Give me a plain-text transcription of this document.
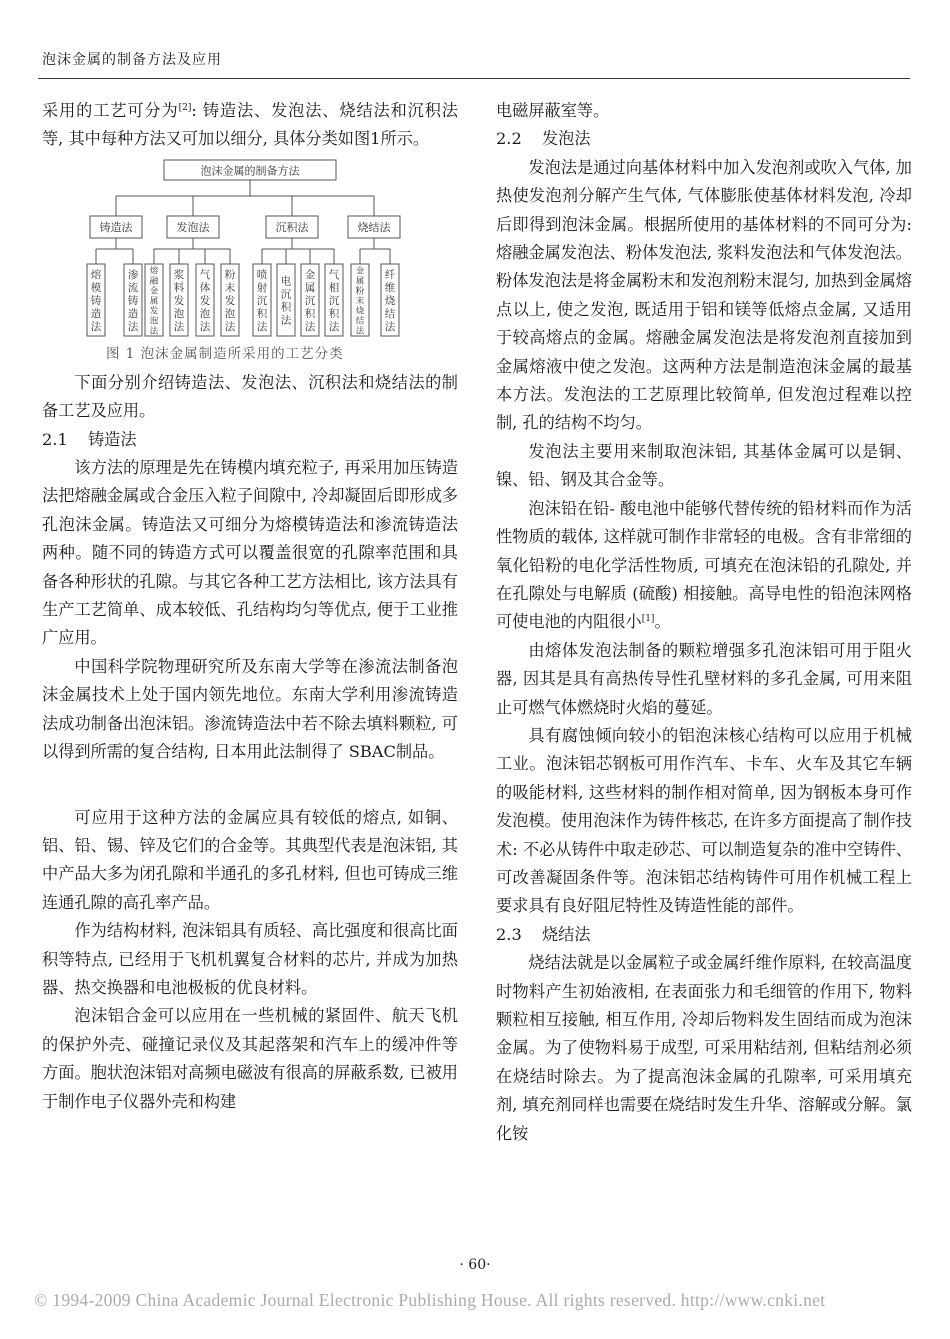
泡沫金属的制备方法及应用

采用的工艺可分为[2]: 铸造法、发泡法、烧结法和沉积法等, 其中每种方法又可加以细分, 具体分类如图1所示。

泡沫金属的制备方法
铸造法
熔
模
铸
造
法
渗
流
铸
造
法
发泡法
熔
融
金
属
发
泡
法
浆
料
发
泡
法
气
体
发
泡
法
粉
末
发
泡
法
沉积法
喷
射
沉
积
法
电
沉
积
法
金
属
沉
积
法
气
相
沉
积
法
烧结法
金
属
粉
末
烧
结
法
纤
维
烧
结
法
图 1 泡沫金属制造所采用的工艺分类

下面分别介绍铸造法、发泡法、沉积法和烧结法的制备工艺及应用。

2.1 铸造法

该方法的原理是先在铸模内填充粒子, 再采用加压铸造法把熔融金属或合金压入粒子间隙中, 冷却凝固后即形成多孔泡沫金属。铸造法又可细分为熔模铸造法和渗流铸造法两种。随不同的铸造方式可以覆盖很宽的孔隙率范围和具备各种形状的孔隙。与其它各种工艺方法相比, 该方法具有生产工艺简单、成本较低、孔结构均匀等优点, 便于工业推广应用。

中国科学院物理研究所及东南大学等在渗流法制备泡沫金属技术上处于国内领先地位。东南大学利用渗流铸造法成功制备出泡沫铝。渗流铸造法中若不除去填料颗粒, 可以得到所需的复合结构, 日本用此法制得了 SBAC制品。

可应用于这种方法的金属应具有较低的熔点, 如铜、铝、铅、锡、锌及它们的合金等。其典型代表是泡沫铝, 其中产品大多为闭孔隙和半通孔的多孔材料, 但也可铸成三维连通孔隙的高孔率产品。

作为结构材料, 泡沫铝具有质轻、高比强度和很高比面积等特点, 已经用于飞机机翼复合材料的芯片, 并成为加热器、热交换器和电池极板的优良材料。

泡沫铝合金可以应用在一些机械的紧固件、航天飞机的保护外壳、碰撞记录仪及其起落架和汽车上的缓冲件等方面。胞状泡沫铝对高频电磁波有很高的屏蔽系数, 已被用于制作电子仪器外壳和构建

电磁屏蔽室等。

2.2 发泡法

发泡法是通过向基体材料中加入发泡剂或吹入气体, 加热使发泡剂分解产生气体, 气体膨胀使基体材料发泡, 冷却后即得到泡沫金属。根据所使用的基体材料的不同可分为: 熔融金属发泡法、粉体发泡法, 浆料发泡法和气体发泡法。粉体发泡法是将金属粉末和发泡剂粉末混匀, 加热到金属熔点以上, 使之发泡, 既适用于铝和镁等低熔点金属, 又适用于较高熔点的金属。熔融金属发泡法是将发泡剂直接加到金属熔液中使之发泡。这两种方法是制造泡沫金属的最基本方法。发泡法的工艺原理比较简单, 但发泡过程难以控制, 孔的结构不均匀。

发泡法主要用来制取泡沫铝, 其基体金属可以是铜、镍、铅、钢及其合金等。

泡沫铅在铅- 酸电池中能够代替传统的铅材料而作为活性物质的载体, 这样就可制作非常轻的电极。含有非常细的氧化铅粉的电化学活性物质, 可填充在泡沫铅的孔隙处, 并在孔隙处与电解质 (硫酸) 相接触。高导电性的铅泡沫网格可使电池的内阻很小[1]。

由熔体发泡法制备的颗粒增强多孔泡沫铝可用于阻火器, 因其是具有高热传导性孔壁材料的多孔金属, 可用来阻止可燃气体燃烧时火焰的蔓延。

具有腐蚀倾向较小的铝泡沫核心结构可以应用于机械工业。泡沫铝芯钢板可用作汽车、卡车、火车及其它车辆的吸能材料, 这些材料的制作相对简单, 因为钢板本身可作发泡模。使用泡沫作为铸件核芯, 在许多方面提高了制作技术: 不必从铸件中取走砂芯、可以制造复杂的准中空铸件、可改善凝固条件等。泡沫铝芯结构铸件可用作机械工程上要求具有良好阻尼特性及铸造性能的部件。

2.3 烧结法

烧结法就是以金属粒子或金属纤维作原料, 在较高温度时物料产生初始液相, 在表面张力和毛细管的作用下, 物料颗粒相互接触, 相互作用, 冷却后物料发生固结而成为泡沫金属。为了使物料易于成型, 可采用粘结剂, 但粘结剂必须在烧结时除去。为了提高泡沫金属的孔隙率, 可采用填充剂, 填充剂同样也需要在烧结时发生升华、溶解或分解。氯化铵

· 60·
© 1994-2009 China Academic Journal Electronic Publishing House. All rights reserved. http://www.cnki.net
